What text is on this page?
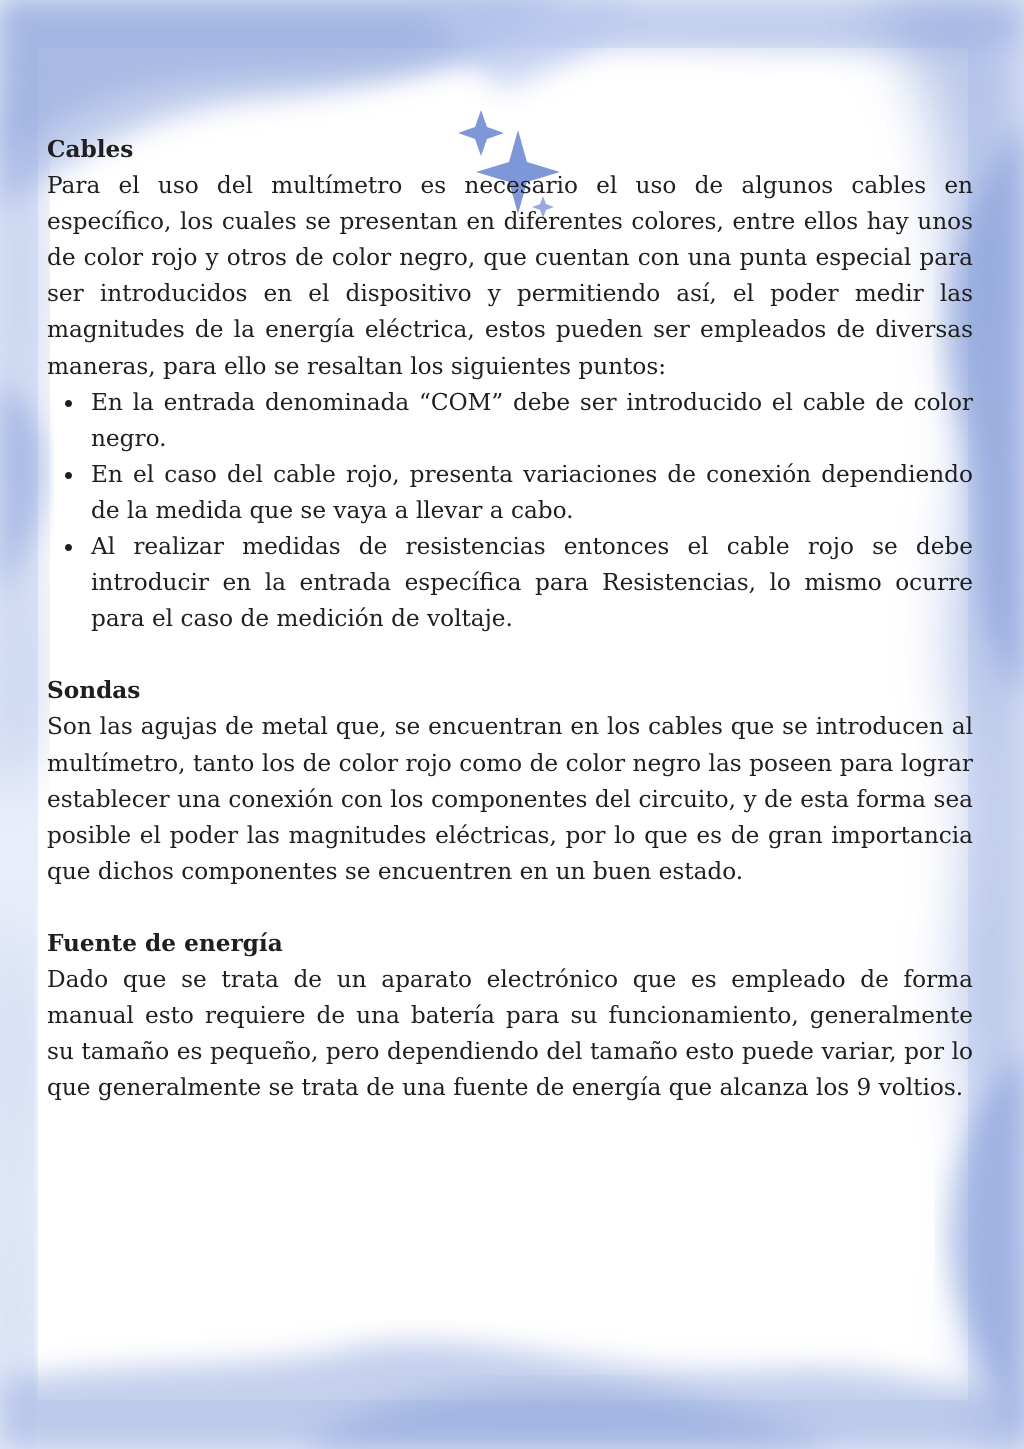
Cables

Para el uso del multímetro es necesario el uso de algunos cables en específico, los cuales se presentan en diferentes colores, entre ellos hay unos de color rojo y otros de color negro, que cuentan con una punta especial para ser introducidos en el dispositivo y permitiendo así, el poder medir las magnitudes de la energía eléctrica, estos pueden ser empleados de diversas maneras, para ello se resaltan los siguientes puntos:

En la entrada denominada “COM” debe ser introducido el cable de color negro.
En el caso del cable rojo, presenta variaciones de conexión dependiendo de la medida que se vaya a llevar a cabo.
Al realizar medidas de resistencias entonces el cable rojo se debe introducir en la entrada específica para Resistencias, lo mismo ocurre para el caso de medición de voltaje.

Sondas

Son las agujas de metal que, se encuentran en los cables que se introducen al multímetro, tanto los de color rojo como de color negro las poseen para lograr establecer una conexión con los componentes del circuito, y de esta forma sea posible el poder las magnitudes eléctricas, por lo que es de gran importancia que dichos componentes se encuentren en un buen estado.

Fuente de energía

Dado que se trata de un aparato electrónico que es empleado de forma manual esto requiere de una batería para su funcionamiento, generalmente su tamaño es pequeño, pero dependiendo del tamaño esto puede variar, por lo que generalmente se trata de una fuente de energía que alcanza los 9 voltios.
